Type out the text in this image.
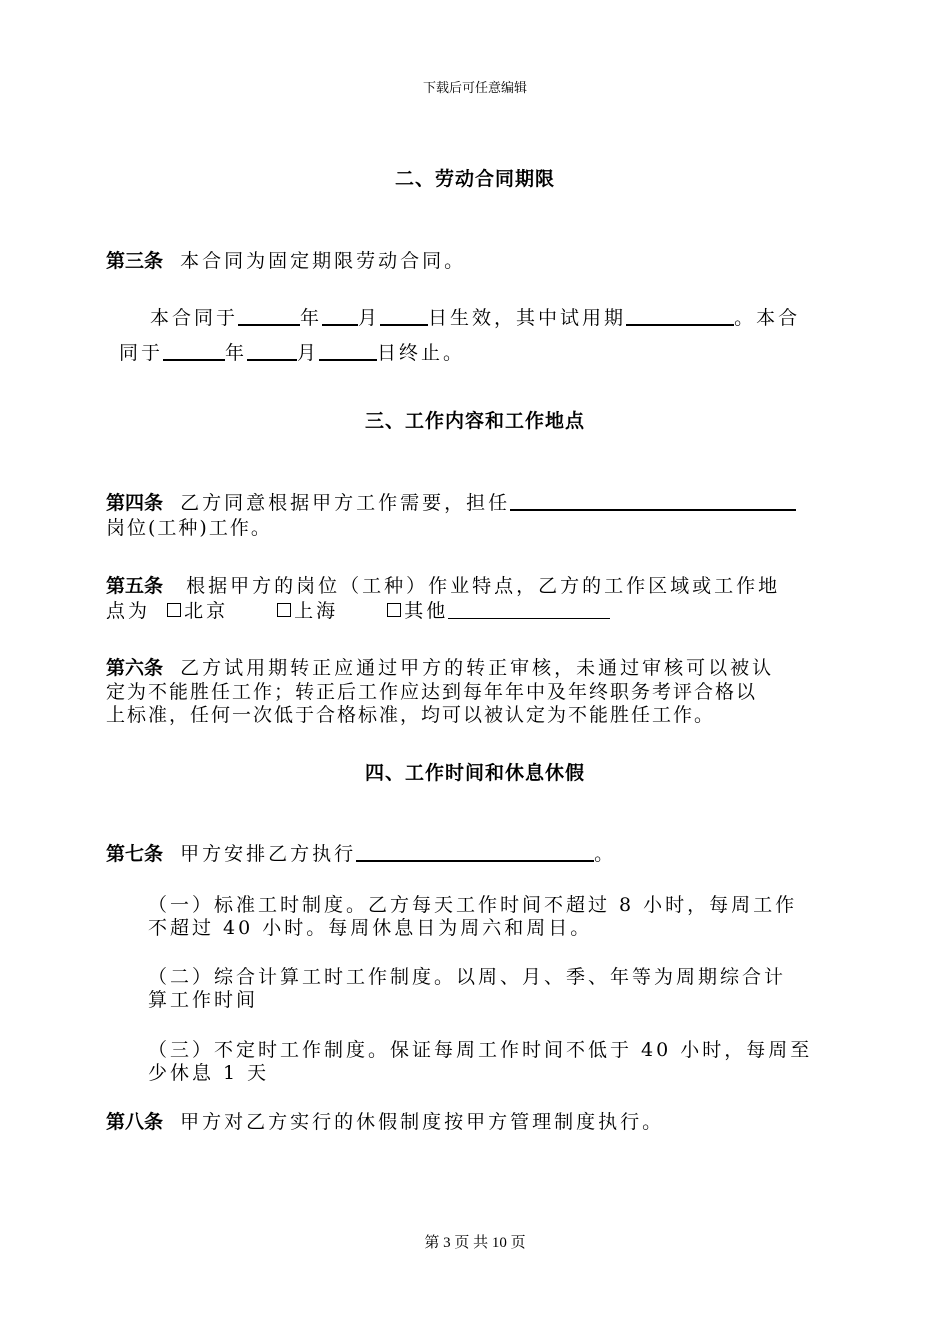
下载后可任意编辑
二、劳动合同期限
第三条 本合同为固定期限劳动合同。
本合同于	年 月	日生效，其中试用期	。本合
同于	年	月	日终止。
三、工作内容和工作地点
第四条 乙方同意根据甲方工作需要，担任
岗位(工种)工作。
第五条 根据甲方的岗位（工种）作业特点，乙方的工作区域或工作地
点为 北京	上海	其他
第六条 乙方试用期转正应通过甲方的转正审核，未通过审核可以被认
定为不能胜任工作；转正后工作应达到每年年中及年终职务考评合格以
上标准，任何一次低于合格标准，均可以被认定为不能胜任工作。
四、工作时间和休息休假
第七条 甲方安排乙方执行	。
（一）标准工时制度。乙方每天工作时间不超过 8 小时，每周工作
不超过 40 小时。每周休息日为周六和周日。
（二）综合计算工时工作制度。以周、月、季、年等为周期综合计
算工作时间
（三）不定时工作制度。保证每周工作时间不低于 40 小时，每周至
少休息 1 天
第八条 甲方对乙方实行的休假制度按甲方管理制度执行。
第 3 页 共 10 页
